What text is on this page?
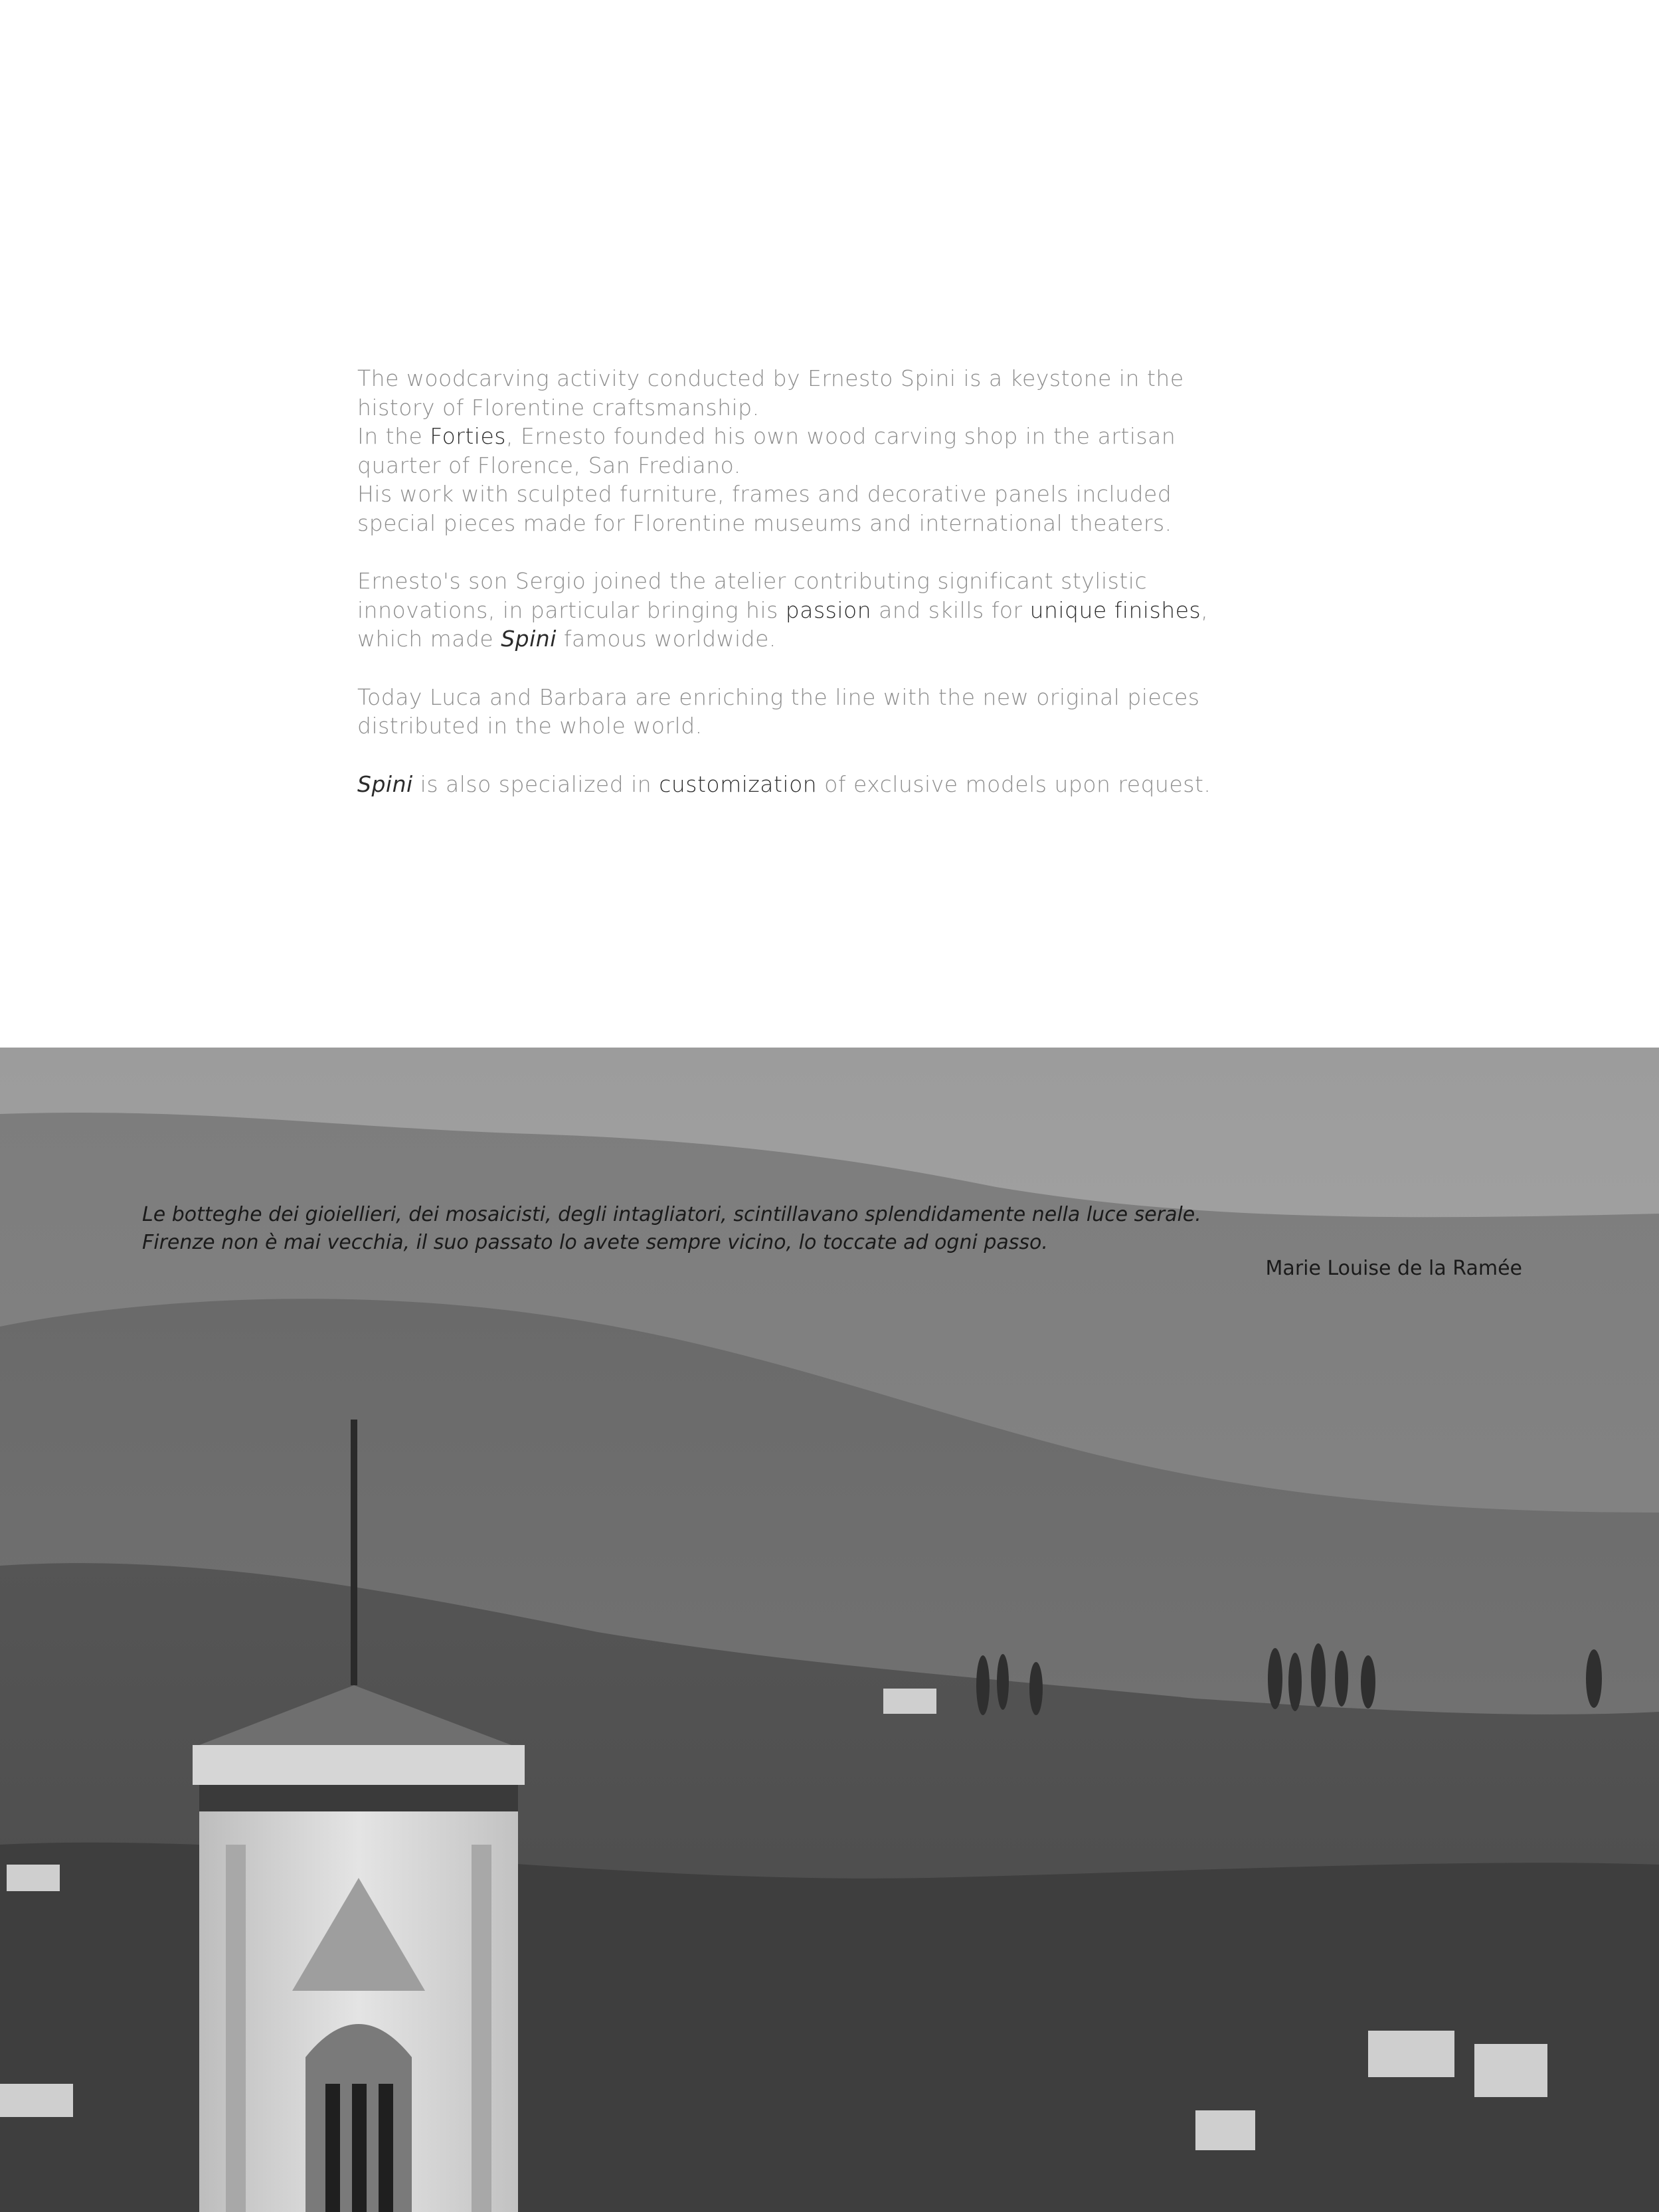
The woodcarving activity conducted by Ernesto Spini is a keystone in the
history of Florentine craftsmanship.
In the Forties, Ernesto founded his own wood carving shop in the artisan
quarter of Florence, San Frediano.
His work with sculpted furniture, frames and decorative panels included
special pieces made for Florentine museums and international theaters.

Ernesto's son Sergio joined the atelier contributing significant stylistic
innovations, in particular bringing his passion and skills for unique finishes,
which made Spini famous worldwide.

Today Luca and Barbara are enriching the line with the new original pieces
distributed in the whole world.

Spini is also specialized in customization of exclusive models upon request.

Le botteghe dei gioiellieri, dei mosaicisti, degli intagliatori, scintillavano splendidamente nella luce serale.
Firenze non è mai vecchia, il suo passato lo avete sempre vicino, lo toccate ad ogni passo.
Marie Louise de la Ramée
